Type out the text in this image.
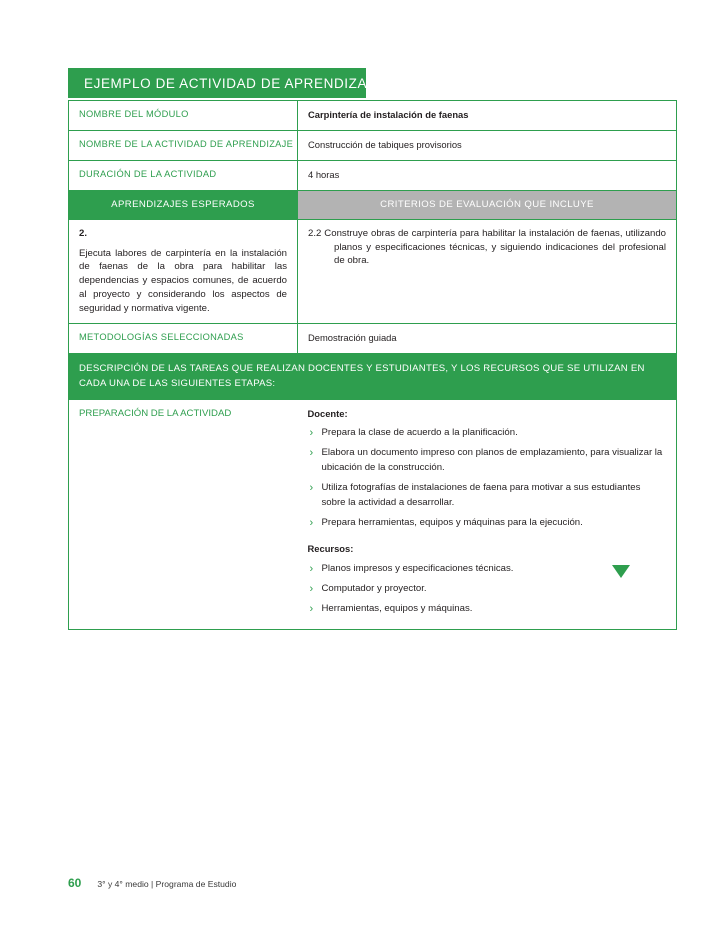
EJEMPLO DE ACTIVIDAD DE APRENDIZAJE
NOMBRE DEL MÓDULO	Carpintería de instalación de faenas
NOMBRE DE LA ACTIVIDAD DE APRENDIZAJE	Construcción de tabiques provisorios
DURACIÓN DE LA ACTIVIDAD	4 horas
APRENDIZAJES ESPERADOS	CRITERIOS DE EVALUACIÓN QUE INCLUYE

2.
Ejecuta labores de carpintería en la instalación de faenas de la obra para habilitar las dependencias y espacios comunes, de acuerdo al proyecto y considerando los aspectos de seguridad y normativa vigente.	2.2 Construye obras de carpintería para habilitar la instalación de faenas, utilizando planos y especificaciones técnicas, y siguiendo indicaciones del profesional de obra.

METODOLOGÍAS SELECCIONADAS	Demostración guiada
DESCRIPCIÓN DE LAS TAREAS QUE REALIZAN DOCENTES Y ESTUDIANTES, Y LOS RECURSOS QUE SE UTILIZAN EN CADA UNA DE LAS SIGUIENTES ETAPAS:	
PREPARACIÓN DE LA ACTIVIDAD	Docente:

› Prepara la clase de acuerdo a la planificación.
› Elabora un documento impreso con planos de emplazamiento, para visualizar la ubicación de la construcción.
› Utiliza fotografías de instalaciones de faena para motivar a sus estudiantes sobre la actividad a desarrollar.
› Prepara herramientas, equipos y máquinas para la ejecución.

Recursos:

› Planos impresos y especificaciones técnicas.
› Computador y proyector.
› Herramientas, equipos y máquinas.
60 3° y 4° medio | Programa de Estudio
